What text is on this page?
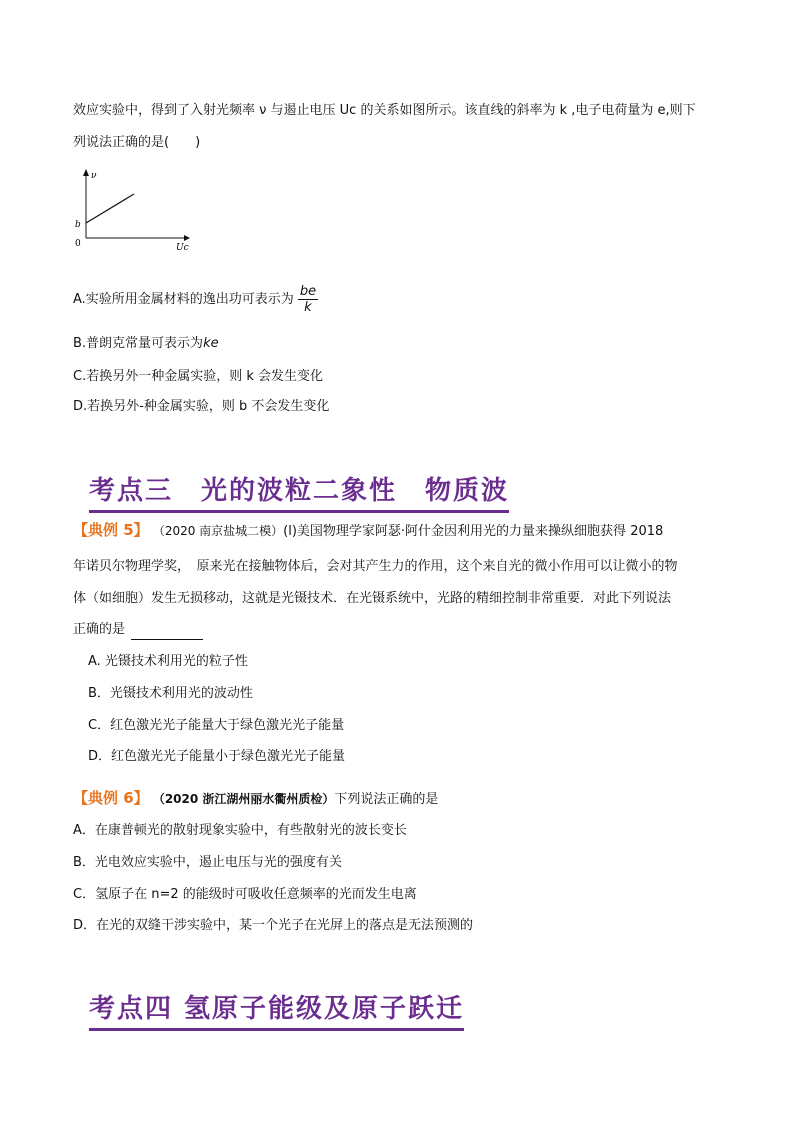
效应实验中，得到了入射光频率 ν 与遏止电压 Uc 的关系如图所示。该直线的斜率为 k ,电子电荷量为 e,则下
列说法正确的是(　　)
ν
Uc
0
b
A.实验所用金属材料的逸出功可表示为 $\frac{be}{k}$
B.普朗克常量可表示为ke
C.若换另外一种金属实验，则 k 会发生变化
D.若换另外-种金属实验，则 b 不会发生变化
考点三　光的波粒二象性　物质波
【典例 5】 （2020 南京盐城二模）(l)美国物理学家阿瑟·阿什金因利用光的力量来操纵细胞获得 2018
年诺贝尔物理学奖，　原来光在接触物体后，会对其产生力的作用，这个来自光的微小作用可以让微小的物
体（如细胞）发生无损移动，这就是光镊技术．在光镊系统中，光路的精细控制非常重要．对此下列说法
正确的是
A. 光镊技术利用光的粒子性
B．光镊技术利用光的波动性
C．红色激光光子能量大于绿色激光光子能量
D．红色激光光子能量小于绿色激光光子能量
【典例 6】 （2020 浙江湖州丽水衢州质检）下列说法正确的是
A．在康普顿光的散射现象实验中，有些散射光的波长变长
B．光电效应实验中，遏止电压与光的强度有关
C．氢原子在 n=2 的能级时可吸收任意频率的光而发生电离
D．在光的双缝干涉实验中，某一个光子在光屏上的落点是无法预测的
考点四 氢原子能级及原子跃迁
